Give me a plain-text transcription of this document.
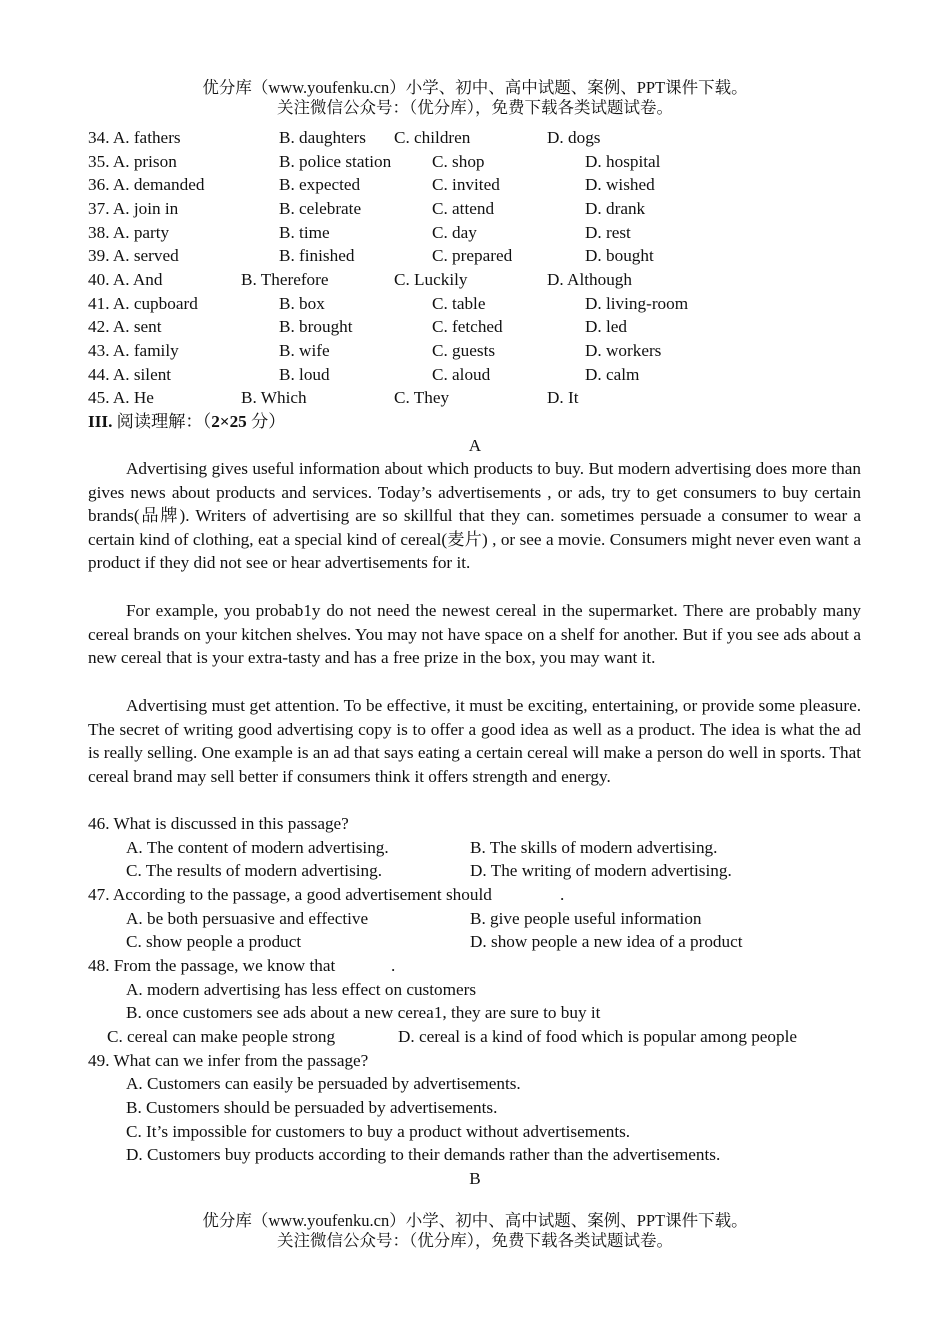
优分库（www.youfenku.cn）小学、初中、高中试题、案例、PPT课件下载。
关注微信公众号：（优分库），免费下载各类试题试卷。
34. A. fathers	B. daughters C. children	D. dogs
35. A. prison	B. police station C. shop	D. hospital
36. A. demanded	B. expected	C. invited	D. wished
37. A. join in	B. celebrate	C. attend	D. drank
38. A. party	B. time	C. day	D. rest
39. A. served	B. finished	C. prepared	D. bought
40. A. And	B. Therefore	C. Luckily	D. Although
41. A. cupboard	B. box	C. table	D. living-room
42. A. sent	B. brought	C. fetched	D. led
43. A. family	B. wife	C. guests	D. workers
44. A. silent	B. loud	C. aloud	D. calm
45. A. He	B. Which	C. They	D. It
III. 阅读理解：（2×25 分）
A

Advertising gives useful information about which products to buy. But modern advertising does more than gives news about products and services. Today’s advertisements , or ads, try to get consumers to buy certain brands(品牌). Writers of advertising are so skillful that they can. sometimes persuade a consumer to wear a certain kind of clothing, eat a special kind of cereal(麦片) , or see a movie. Consumers might never even want a product if they did not see or hear advertisements for it.

For example, you probab1y do not need the newest cereal in the supermarket. There are probably many cereal brands on your kitchen shelves. You may not have space on a shelf for another. But if you see ads about a new cereal that is your extra-tasty and has a free prize in the box, you may want it.

Advertising must get attention. To be effective, it must be exciting, entertaining, or provide some pleasure. The secret of writing good advertising copy is to offer a good idea as well as a product. The idea is what the ad is really selling. One example is an ad that says eating a certain cereal will make a person do well in sports. That cereal brand may sell better if consumers think it offers strength and energy.

46. What is discussed in this passage?
A. The content of modern advertising.	B. The skills of modern advertising.
C. The results of modern advertising.	D. The writing of modern advertising.
47. According to the passage, a good advertisement should	.
A. be both persuasive and effective	B. give people useful information
C. show people a product	D. show people a new idea of a product
48. From the passage, we know that	.
A. modern advertising has less effect on customers
B. once customers see ads about a new cerea1, they are sure to buy it
C. cereal can make people strong	D. cereal is a kind of food which is popular among people
49. What can we infer from the passage?
A. Customers can easily be persuaded by advertisements.
B. Customers should be persuaded by advertisements.
C. It’s impossible for customers to buy a product without advertisements.
D. Customers buy products according to their demands rather than the advertisements.
B
优分库（www.youfenku.cn）小学、初中、高中试题、案例、PPT课件下载。
关注微信公众号：（优分库），免费下载各类试题试卷。
